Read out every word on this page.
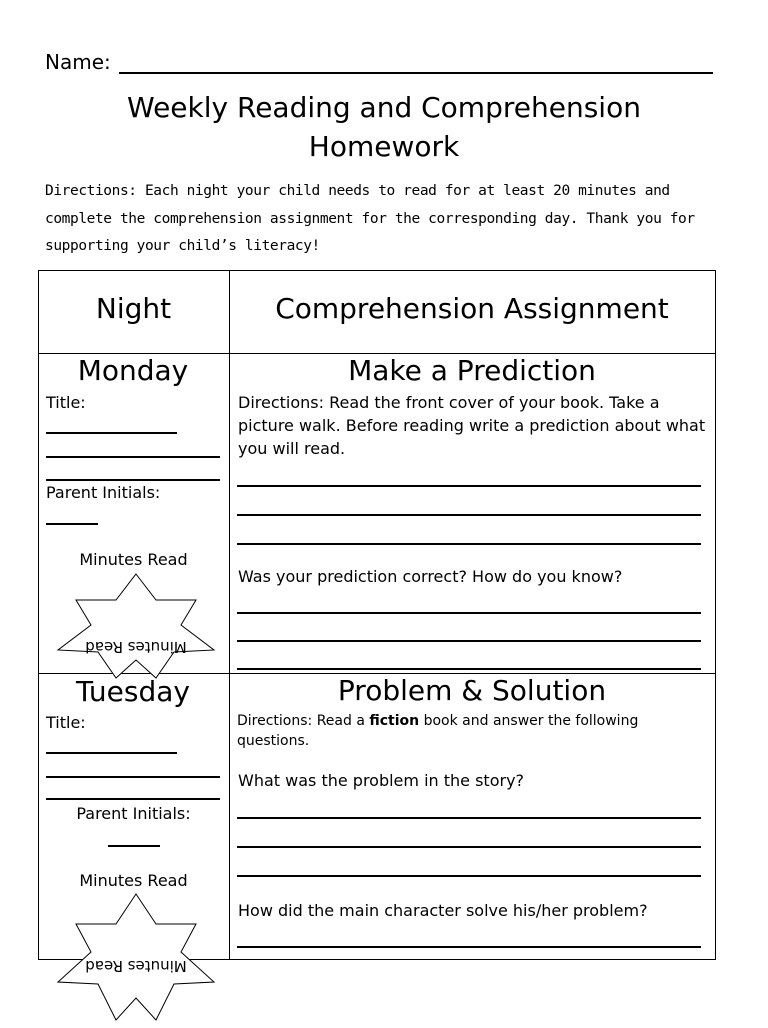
Name:
Weekly Reading and Comprehension Homework
Directions: Each night your child needs to read for at least 20 minutes and complete the comprehension assignment for the corresponding day. Thank you for supporting your child’s literacy!
Night	Comprehension Assignment
Monday
Title:
Parent Initials:
Minutes Read
Minutes Read
Make a Prediction
Directions: Read the front cover of your book. Take a picture walk. Before reading write a prediction about what you will read.
Was your prediction correct? How do you know?
Tuesday
Title:
Parent Initials:
Minutes Read
Minutes Read
Problem & Solution
Directions: Read a fiction book and answer the following questions.
What was the problem in the story?
How did the main character solve his/her problem?
